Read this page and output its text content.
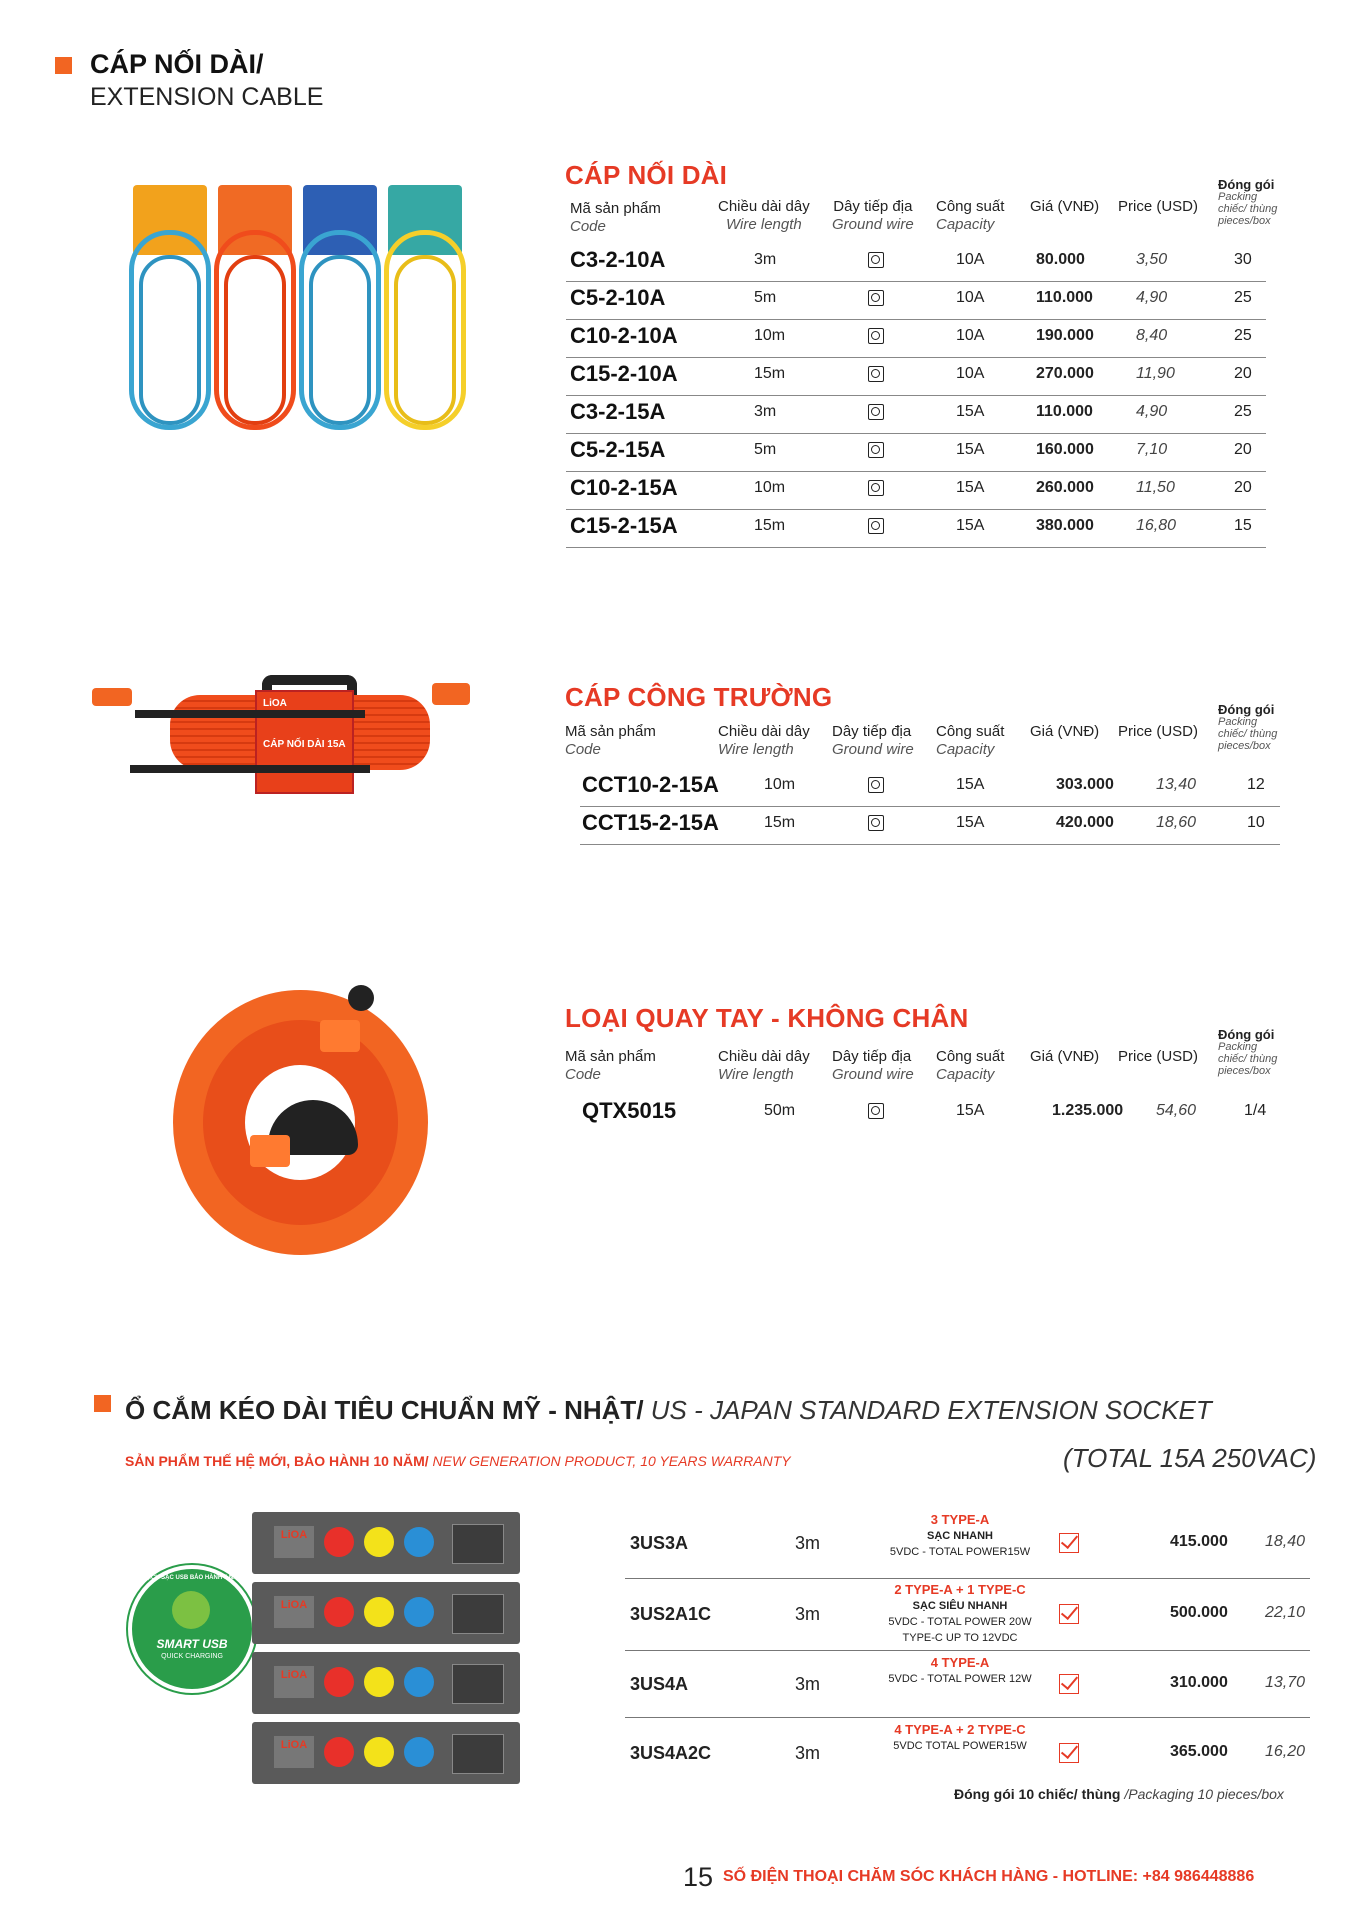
CÁP NỐI DÀI/
EXTENSION CABLE
CÁP NỐI DÀI
Mã sản phẩm
Code
Chiều dài dây
Wire length
Dây tiếp địa
Ground wire
Công suất
Capacity
Giá (VNĐ) Price (USD)
Đóng gói
Packing
chiếc/ thùng
pieces/box
C3-2-10A	3m	10A	80.000	3,50	30
C5-2-10A	5m	10A	110.000	4,90	25
C10-2-10A	10m	10A	190.000	8,40	25
C15-2-10A	15m	10A	270.000	11,90	20
C3-2-15A	3m	15A	110.000	4,90	25
C5-2-15A	5m	15A	160.000	7,10	20
C10-2-15A	10m	15A	260.000	11,50	20
C15-2-15A	15m	15A	380.000	16,80	15
LiOA
CÁP NỐI DÀI 15A
CÁP CÔNG TRƯỜNG
Mã sản phẩm
Code
Chiều dài dây
Wire length
Dây tiếp địa
Ground wire
Công suất
Capacity
Giá (VNĐ) Price (USD)
Đóng gói
Packing
chiếc/ thùng
pieces/box
CCT10-2-15A	10m	15A	303.000	13,40	12
CCT15-2-15A	15m	15A	420.000	18,60	10
LOẠI QUAY TAY - KHÔNG CHÂN
Mã sản phẩm
Code
Chiều dài dây
Wire length
Dây tiếp địa
Ground wire
Công suất
Capacity
Giá (VNĐ) Price (USD)
Đóng gói
Packing
chiếc/ thùng
pieces/box
QTX5015	50m	15A	1.235.000 54,60	1/4
Ổ CẮM KÉO DÀI TIÊU CHUẨN MỸ - NHẬT/ US - JAPAN STANDARD EXTENSION SOCKET
SẢN PHẨM THẾ HỆ MỚI, BẢO HÀNH 10 NĂM/ NEW GENERATION PRODUCT, 10 YEARS WARRANTY	(TOTAL 15A 250VAC)
SMART USB
QUICK CHARGING
MẠCH SẠC USB BẢO HÀNH 5 NĂM
LiOA
LiOA
LiOA
LiOA
3US3A	3m
3 TYPE-A
SẠC NHANH
5VDC - TOTAL POWER15W
415.000 18,40
3US2A1C	3m
2 TYPE-A + 1 TYPE-C
SẠC SIÊU NHANH
5VDC - TOTAL POWER 20W
TYPE-C UP TO 12VDC
500.000 22,10
3US4A	3m
4 TYPE-A
5VDC - TOTAL POWER 12W	310.000 13,70
3US4A2C	3m
4 TYPE-A + 2 TYPE-C
5VDC TOTAL POWER15W	365.000 16,20
Đóng gói 10 chiếc/ thùng /Packaging 10 pieces/box
15 SỐ ĐIỆN THOẠI CHĂM SÓC KHÁCH HÀNG - HOTLINE: +84 986448886
